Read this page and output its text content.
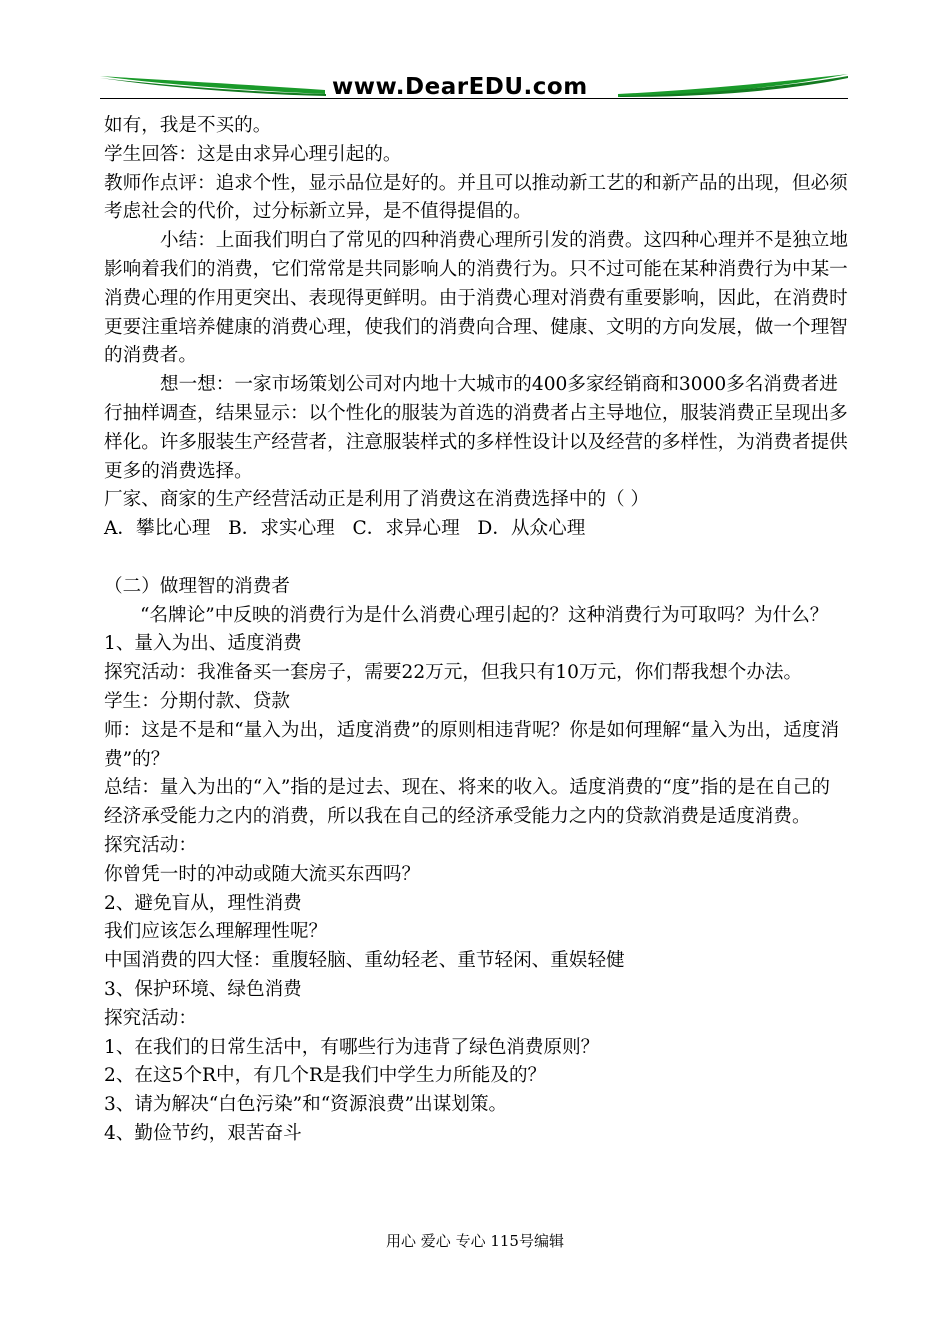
www.DearEDU.com

如有，我是不买的。

学生回答：这是由求异心理引起的。

教师作点评：追求个性，显示品位是好的。并且可以推动新工艺的和新产品的出现，但必须考虑社会的代价，过分标新立异，是不值得提倡的。

小结：上面我们明白了常见的四种消费心理所引发的消费。这四种心理并不是独立地影响着我们的消费，它们常常是共同影响人的消费行为。只不过可能在某种消费行为中某一消费心理的作用更突出、表现得更鲜明。由于消费心理对消费有重要影响，因此，在消费时更要注重培养健康的消费心理，使我们的消费向合理、健康、文明的方向发展，做一个理智的消费者。

想一想：一家市场策划公司对内地十大城市的400多家经销商和3000多名消费者进行抽样调查，结果显示：以个性化的服装为首选的消费者占主导地位，服装消费正呈现出多样化。许多服装生产经营者，注意服装样式的多样性设计以及经营的多样性，为消费者提供更多的消费选择。

厂家、商家的生产经营活动正是利用了消费这在消费选择中的（ ）

A．攀比心理   B．求实心理   C．求异心理   D．从众心理

（二）做理智的消费者

“名牌论”中反映的消费行为是什么消费心理引起的？这种消费行为可取吗？为什么？

1、量入为出、适度消费

探究活动：我准备买一套房子，需要22万元，但我只有10万元，你们帮我想个办法。

学生：分期付款、贷款

师：这是不是和“量入为出，适度消费”的原则相违背呢？你是如何理解“量入为出，适度消费”的？

总结：量入为出的“入”指的是过去、现在、将来的收入。适度消费的“度”指的是在自己的经济承受能力之内的消费，所以我在自己的经济承受能力之内的贷款消费是适度消费。

探究活动：

你曾凭一时的冲动或随大流买东西吗？

2、避免盲从，理性消费

我们应该怎么理解理性呢？

中国消费的四大怪：重腹轻脑、重幼轻老、重节轻闲、重娱轻健

3、保护环境、绿色消费

探究活动：

1、在我们的日常生活中，有哪些行为违背了绿色消费原则？

2、在这5个R中，有几个R是我们中学生力所能及的？

3、请为解决“白色污染”和“资源浪费”出谋划策。

4、勤俭节约，艰苦奋斗

用心 爱心 专心 115号编辑
